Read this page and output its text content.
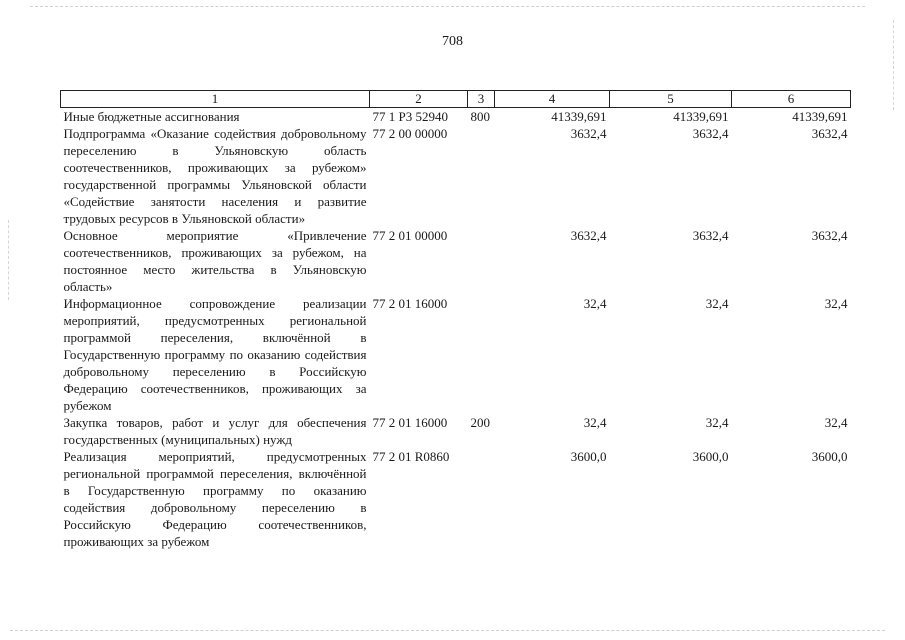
708
1	2	3	4	5	6
Иные бюджетные ассигнования	77 1 Р3 52940	800	41339,691	41339,691	41339,691
Подпрограмма «Оказание содействия добровольному переселению в Ульяновскую область соотечественников, проживающих за рубежом» государственной программы Ульяновской области «Содействие занятости населения и развитие трудовых ресурсов в Ульяновской области»	77 2 00 00000		3632,4	3632,4	3632,4
Основное мероприятие «Привлечение соотечественников, проживающих за рубежом, на постоянное место жительства в Ульяновскую область»	77 2 01 00000		3632,4	3632,4	3632,4
Информационное сопровождение реализации мероприятий, предусмотренных региональной программой переселения, включённой в Государственную программу по оказанию содействия добровольному переселению в Российскую Федерацию соотечественников, проживающих за рубежом	77 2 01 16000		32,4	32,4	32,4
Закупка товаров, работ и услуг для обеспечения государственных (муниципальных) нужд	77 2 01 16000	200	32,4	32,4	32,4
Реализация мероприятий, предусмотренных региональной программой переселения, включённой в Государственную программу по оказанию содействия добровольному переселению в Российскую Федерацию соотечественников, проживающих за рубежом	77 2 01 R0860		3600,0	3600,0	3600,0
